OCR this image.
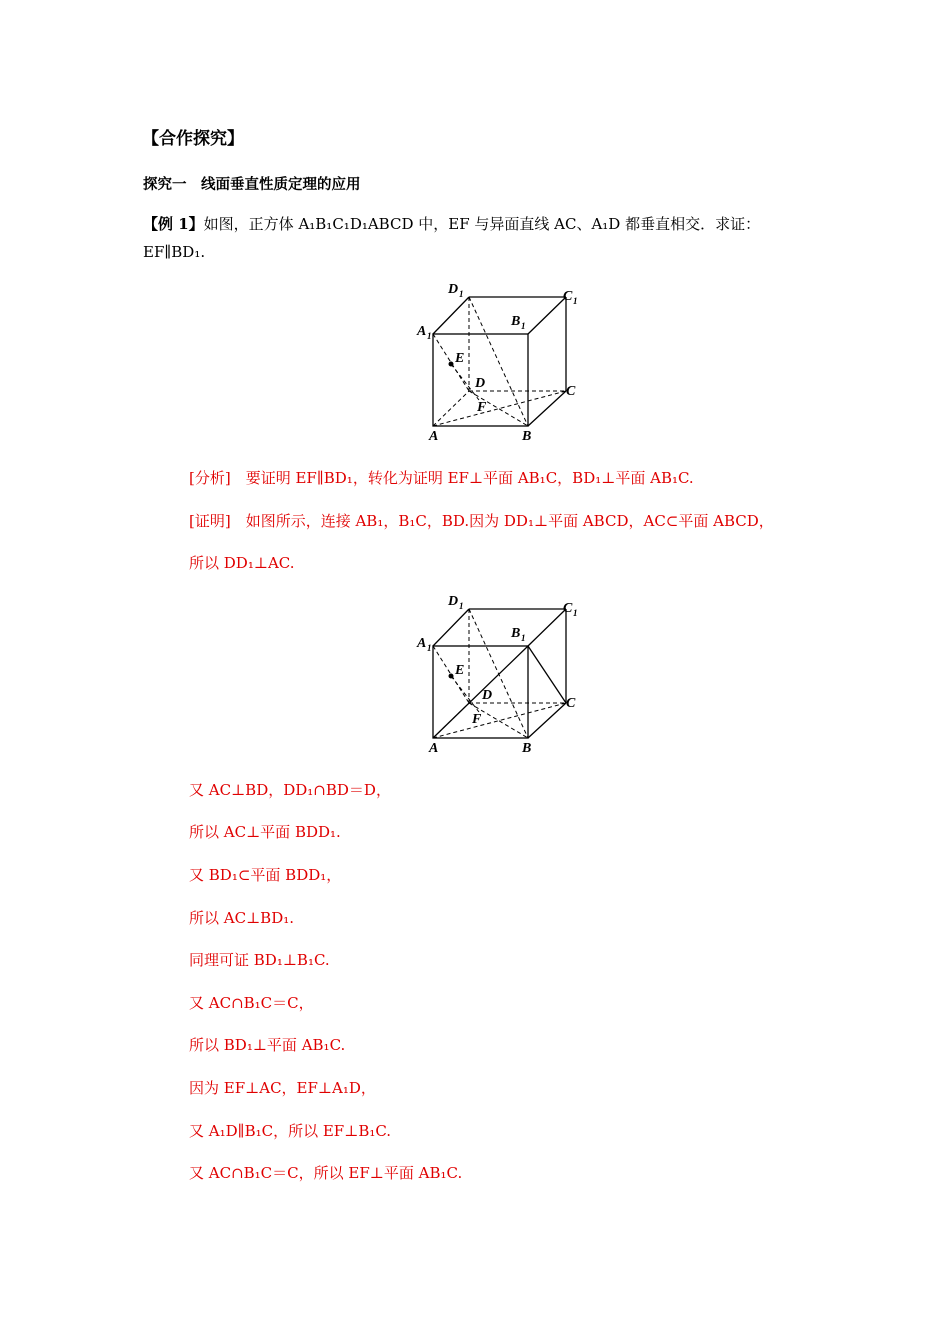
【合作探究】
探究一　线面垂直性质定理的应用
【例 1】如图，正方体 A₁B₁C₁D₁ABCD 中，EF 与异面直线 AC、A₁D 都垂直相交．求证：
EF∥BD₁.
D 1	C 1
A 1
B 1
E
D
C
F
A	B
[分析]　要证明 EF∥BD₁，转化为证明 EF⊥平面 AB₁C，BD₁⊥平面 AB₁C.
[证明]　如图所示，连接 AB₁，B₁C，BD.因为 DD₁⊥平面 ABCD，AC⊂平面 ABCD，
所以 DD₁⊥AC.
D 1	C 1
A 1
B 1
E
D
C
F
A	B
又 AC⊥BD，DD₁∩BD＝D，
所以 AC⊥平面 BDD₁.
又 BD₁⊂平面 BDD₁，
所以 AC⊥BD₁.
同理可证 BD₁⊥B₁C.
又 AC∩B₁C＝C，
所以 BD₁⊥平面 AB₁C.
因为 EF⊥AC，EF⊥A₁D，
又 A₁D∥B₁C，所以 EF⊥B₁C.
又 AC∩B₁C＝C，所以 EF⊥平面 AB₁C.
